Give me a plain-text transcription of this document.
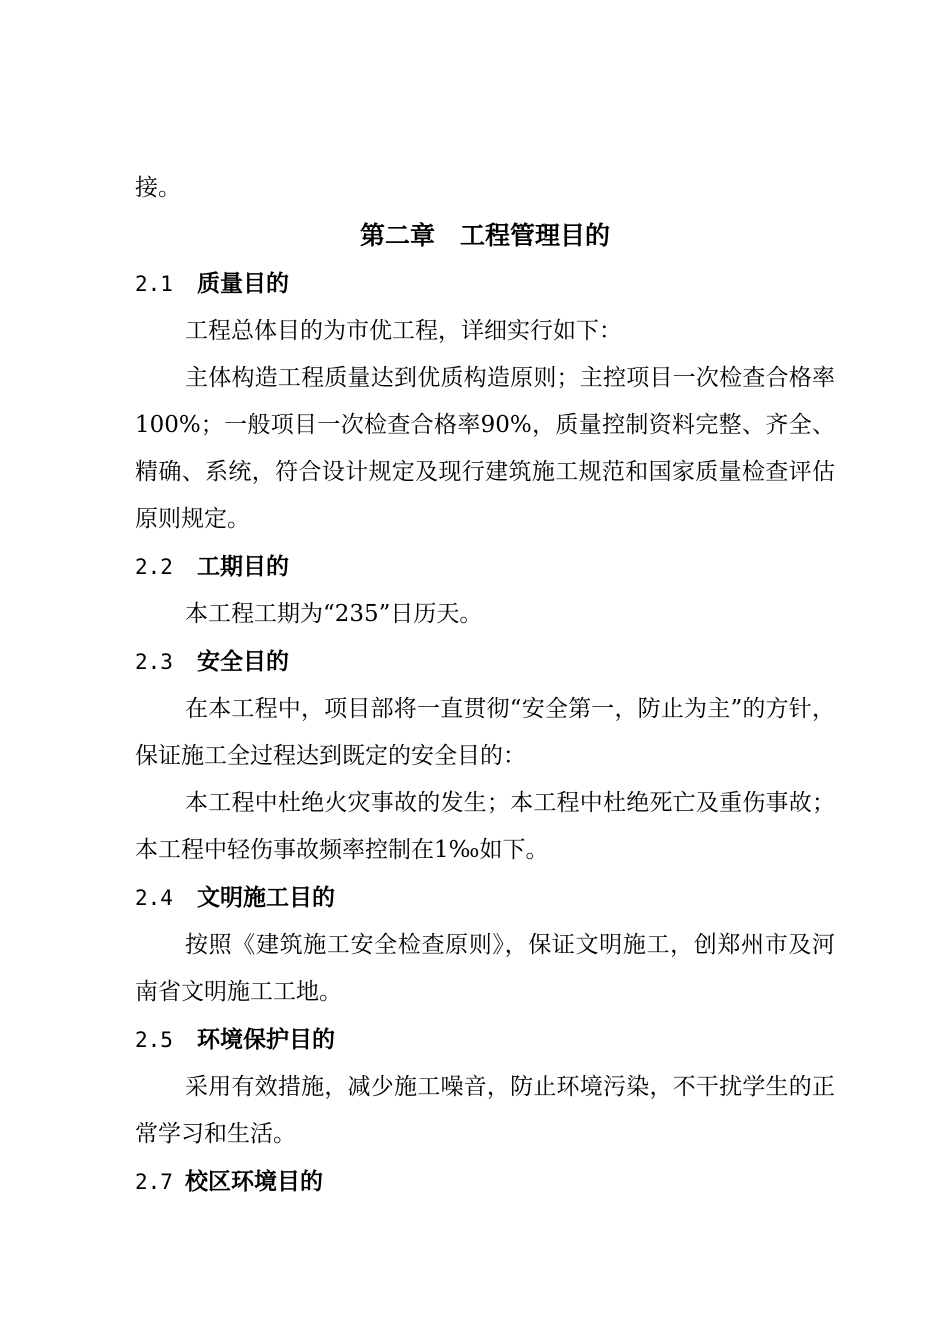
接。

第二章　工程管理目的
2.1	质量目的

工程总体目的为市优工程，详细实行如下：

主体构造工程质量达到优质构造原则；主控项目一次检查合格率100%；一般项目一次检查合格率90%，质量控制资料完整、齐全、精确、系统，符合设计规定及现行建筑施工规范和国家质量检查评估原则规定。

2.2	工期目的

本工程工期为“235”日历天。

2.3	安全目的

在本工程中，项目部将一直贯彻“安全第一，防止为主”的方针，保证施工全过程达到既定的安全目的：

本工程中杜绝火灾事故的发生；本工程中杜绝死亡及重伤事故；本工程中轻伤事故频率控制在1‰如下。

2.4	文明施工目的

按照《建筑施工安全检查原则》，保证文明施工，创郑州市及河南省文明施工工地。

2.5	环境保护目的

采用有效措施，减少施工噪音，防止环境污染，不干扰学生的正常学习和生活。

2.7 校区环境目的
